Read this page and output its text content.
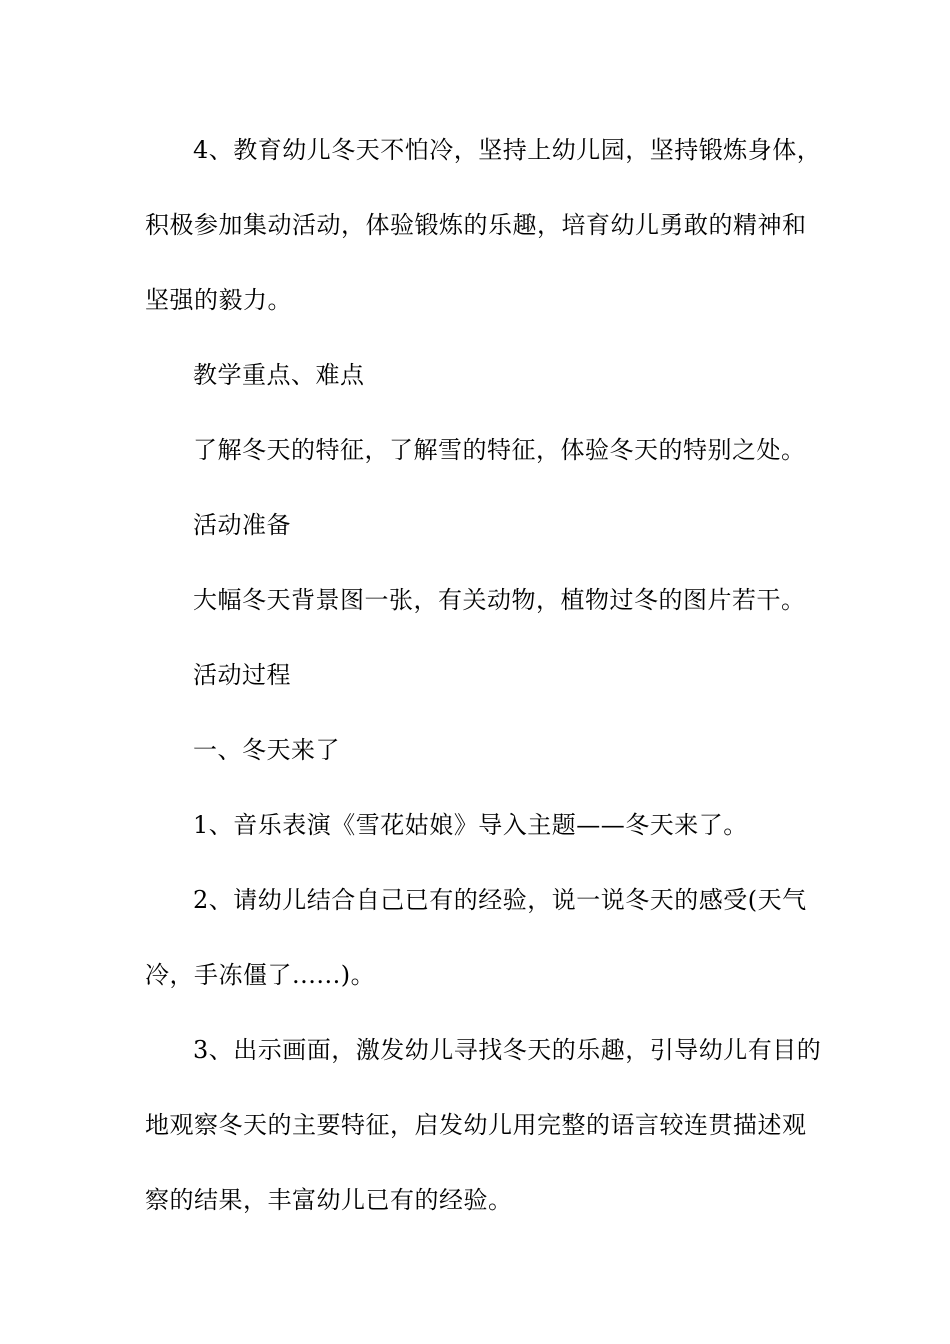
4、教育幼儿冬天不怕冷，坚持上幼儿园，坚持锻炼身体，

积极参加集动活动，体验锻炼的乐趣，培育幼儿勇敢的精神和

坚强的毅力。

教学重点、难点

了解冬天的特征，了解雪的特征，体验冬天的特别之处。

活动准备

大幅冬天背景图一张，有关动物，植物过冬的图片若干。

活动过程

一、冬天来了

1、音乐表演《雪花姑娘》导入主题——冬天来了。

2、请幼儿结合自己已有的经验，说一说冬天的感受(天气

冷，手冻僵了......)。

3、出示画面，激发幼儿寻找冬天的乐趣，引导幼儿有目的

地观察冬天的主要特征，启发幼儿用完整的语言较连贯描述观

察的结果，丰富幼儿已有的经验。
